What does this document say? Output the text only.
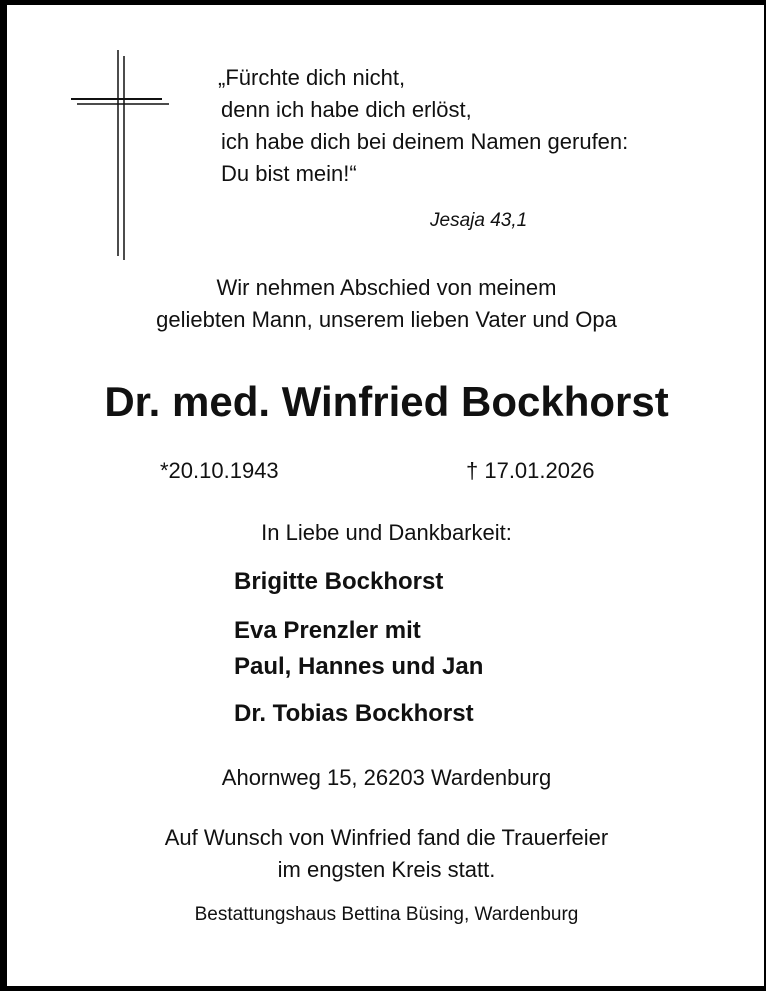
„Fürchte dich nicht,
denn ich habe dich erlöst,
ich habe dich bei deinem Namen gerufen:
Du bist mein!“
Jesaja 43,1
Wir nehmen Abschied von meinem
geliebten Mann, unserem lieben Vater und Opa
Dr. med. Winfried Bockhorst
*20.10.1943	† 17.01.2026
In Liebe und Dankbarkeit:
Brigitte Bockhorst
Eva Prenzler mit
Paul, Hannes und Jan
Dr. Tobias Bockhorst
Ahornweg 15, 26203 Wardenburg
Auf Wunsch von Winfried fand die Trauerfeier
im engsten Kreis statt.
Bestattungshaus Bettina Büsing, Wardenburg
